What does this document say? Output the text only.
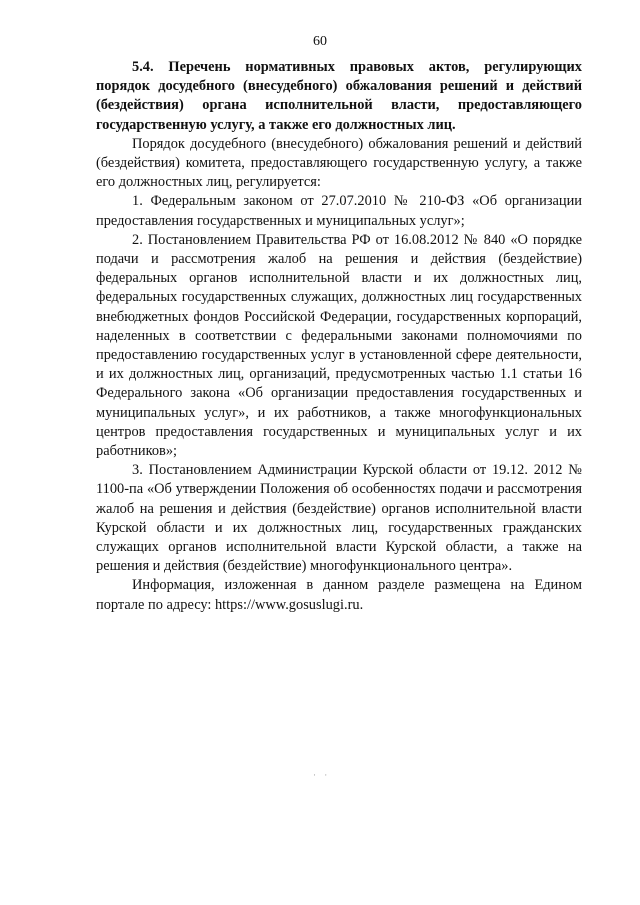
60

5.4. Перечень нормативных правовых актов, регулирующих порядок досудебного (внесудебного) обжалования решений и действий (бездействия) органа исполнительной власти, предоставляющего государственную услугу, а также его должностных лиц.

Порядок досудебного (внесудебного) обжалования решений и действий (бездействия) комитета, предоставляющего государственную услугу, а также его должностных лиц, регулируется:

1. Федеральным законом от 27.07.2010 № 210-ФЗ «Об организации предоставления государственных и муниципальных услуг»;

2. Постановлением Правительства РФ от 16.08.2012 № 840 «О порядке подачи и рассмотрения жалоб на решения и действия (бездействие) федеральных органов исполнительной власти и их должностных лиц, федеральных государственных служащих, должностных лиц государственных внебюджетных фондов Российской Федерации, государственных корпораций, наделенных в соответствии с федеральными законами полномочиями по предоставлению государственных услуг в установленной сфере деятельности, и их должностных лиц, организаций, предусмотренных частью 1.1 статьи 16 Федерального закона «Об организации предоставления государственных и муниципальных услуг», и их работников, а также многофункциональных центров предоставления государственных и муниципальных услуг и их работников»;

3. Постановлением Администрации Курской области от 19.12. 2012 № 1100-па «Об утверждении Положения об особенностях подачи и рассмотрения жалоб на решения и действия (бездействие) органов исполнительной власти Курской области и их должностных лиц, государственных гражданских служащих органов исполнительной власти Курской области, а также на решения и действия (бездействие) многофункционального центра».

Информация, изложенная в данном разделе размещена на Едином портале по адресу: https://www.gosuslugi.ru.

· ·
